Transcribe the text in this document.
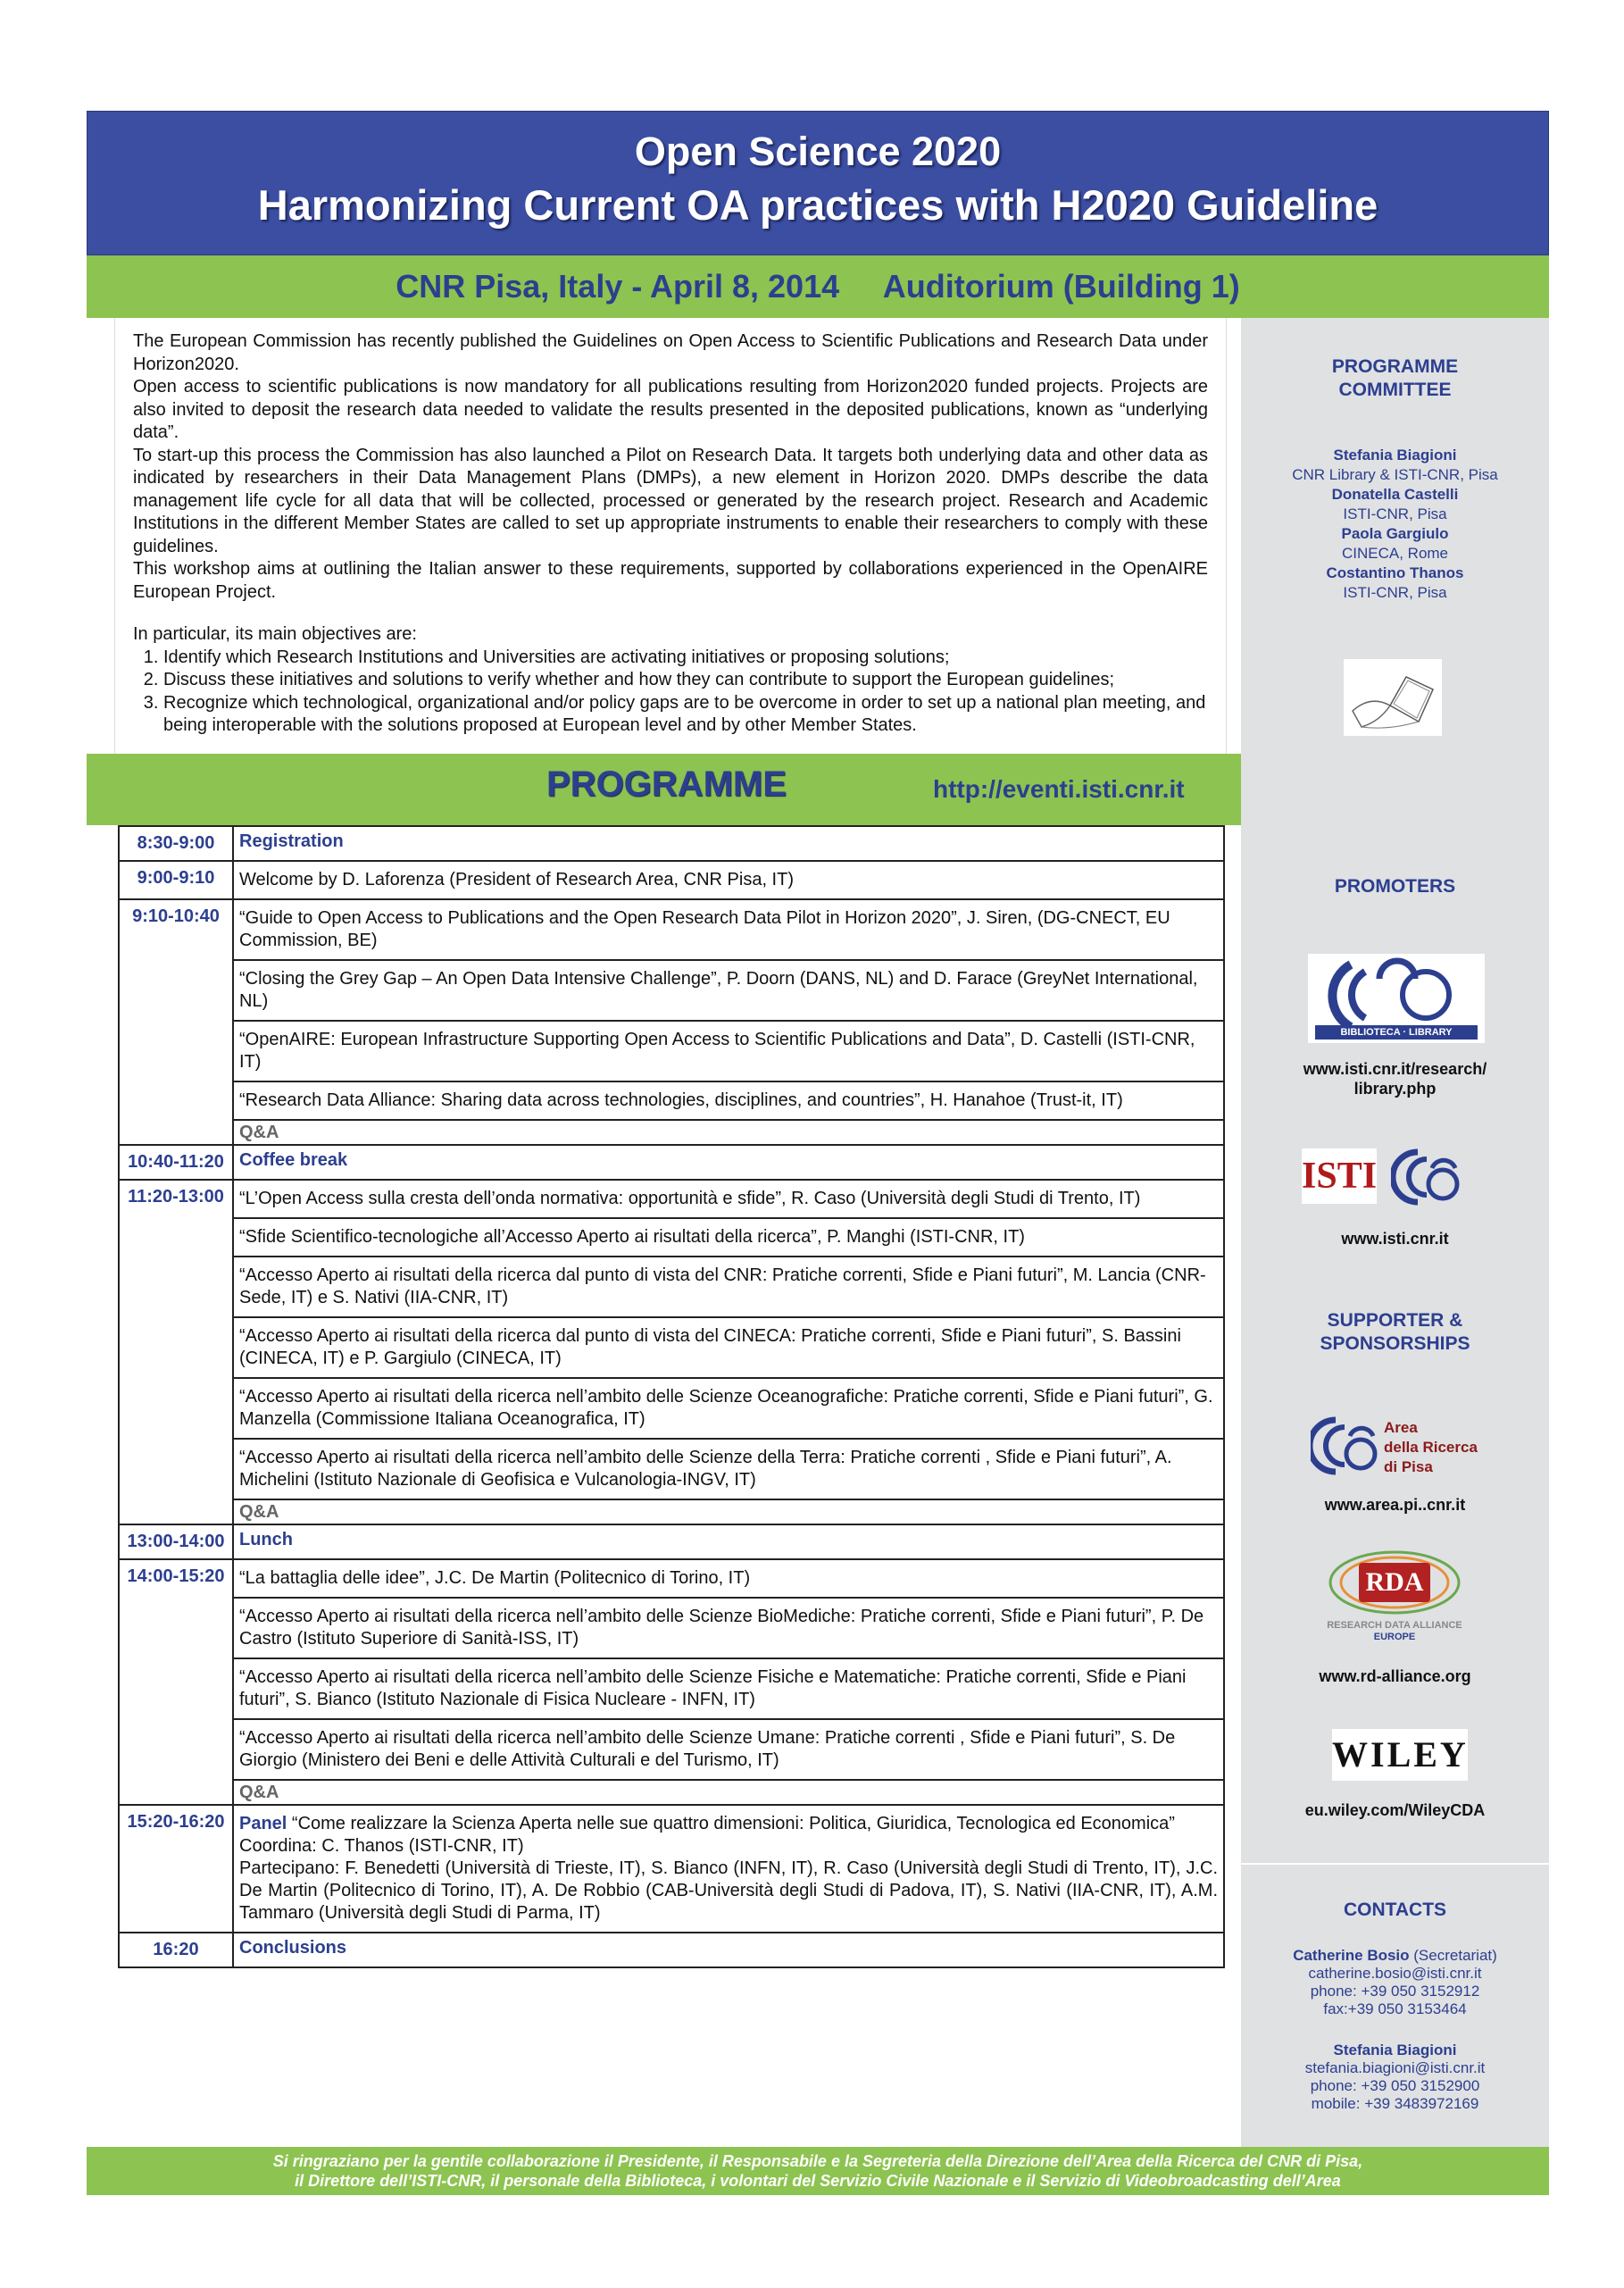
Open Science 2020
Harmonizing Current OA practices with H2020 Guideline
CNR Pisa, Italy - April 8, 2014     Auditorium (Building 1)

The European Commission has recently published the Guidelines on Open Access to Scientific Publications and Research Data under Horizon2020.

Open access to scientific publications is now mandatory for all publications resulting from Horizon2020 funded projects. Projects are also invited to deposit the research data needed to validate the results presented in the deposited publications, known as “underlying data”.

To start-up this process the Commission has also launched a Pilot on Research Data. It targets both underlying data and other data as indicated by researchers in their Data Management Plans (DMPs), a new element in Horizon 2020. DMPs describe the data management life cycle for all data that will be collected, processed or generated by the research project. Research and Academic Institutions in the different Member States are called to set up appropriate instruments to enable their researchers to comply with these guidelines.

This workshop aims at outlining the Italian answer to these requirements, supported by collaborations experienced in the OpenAIRE European Project.

In particular, its main objectives are:

1. Identify which Research Institutions and Universities are activating initiatives or proposing solutions;
2. Discuss these initiatives and solutions to verify whether and how they can contribute to support the European guidelines;
3. Recognize which technological, organizational and/or policy gaps are to be overcome in order to set up a national plan meeting, and being interoperable with the solutions proposed at European level and by other Member States.
PROGRAMME
COMMITTEE
Stefania Biagioni
CNR Library & ISTI-CNR, Pisa
Donatella Castelli
ISTI-CNR, Pisa
Paola Gargiulo
CINECA, Rome
Costantino Thanos
ISTI-CNR, Pisa
PROMOTERS
BIBLIOTECA · LIBRARY
www.isti.cnr.it/research/
library.php
ISTI
www.isti.cnr.it
SUPPORTER &
SPONSORSHIPS
Area
della Ricerca
di Pisa
www.area.pi..cnr.it
RDA
RESEARCH DATA ALLIANCE
EUROPE
www.rd-alliance.org
WILEY
eu.wiley.com/WileyCDA
CONTACTS
Catherine Bosio (Secretariat)
catherine.bosio@isti.cnr.it
phone: +39 050 3152912
fax:+39 050 3153464
Stefania Biagioni
stefania.biagioni@isti.cnr.it
phone: +39 050 3152900
mobile: +39 3483972169
PROGRAMME	http://eventi.isti.cnr.it
8:30-9:00	Registration
9:00-9:10	Welcome by D. Laforenza (President of Research Area, CNR Pisa, IT)
9:10-10:40	“Guide to Open Access to Publications and the Open Research Data Pilot in Horizon 2020”, J. Siren, (DG-CNECT, EU Commission, BE)
	“Closing the Grey Gap – An Open Data Intensive Challenge”, P. Doorn (DANS, NL) and D. Farace (GreyNet International, NL)
	“OpenAIRE: European Infrastructure Supporting Open Access to Scientific Publications and Data”, D. Castelli (ISTI-CNR, IT)
	“Research Data Alliance: Sharing data across technologies, disciplines, and countries”, H. Hanahoe (Trust-it, IT)
	Q&A
10:40-11:20	Coffee break
11:20-13:00	“L’Open Access sulla cresta dell’onda normativa: opportunità e sfide”, R. Caso (Università degli Studi di Trento, IT)
	“Sfide Scientifico-tecnologiche all’Accesso Aperto ai risultati della ricerca”, P. Manghi (ISTI-CNR, IT)
	“Accesso Aperto ai risultati della ricerca dal punto di vista del CNR: Pratiche correnti, Sfide e Piani futuri”, M. Lancia (CNR-Sede, IT) e S. Nativi (IIA-CNR, IT)
	“Accesso Aperto ai risultati della ricerca dal punto di vista del CINECA: Pratiche correnti, Sfide e Piani futuri”, S. Bassini (CINECA, IT) e P. Gargiulo (CINECA, IT)
	“Accesso Aperto ai risultati della ricerca nell’ambito delle Scienze Oceanografiche: Pratiche correnti, Sfide e Piani futuri”, G. Manzella (Commissione Italiana Oceanografica, IT)
	“Accesso Aperto ai risultati della ricerca nell’ambito delle Scienze della Terra: Pratiche correnti , Sfide e Piani futuri”, A. Michelini (Istituto Nazionale di Geofisica e Vulcanologia-INGV, IT)
	Q&A
13:00-14:00	Lunch
14:00-15:20	“La battaglia delle idee”, J.C. De Martin (Politecnico di Torino, IT)
	“Accesso Aperto ai risultati della ricerca nell’ambito delle Scienze BioMediche: Pratiche correnti, Sfide e Piani futuri”, P. De Castro (Istituto Superiore di Sanità-ISS, IT)
	“Accesso Aperto ai risultati della ricerca nell’ambito delle Scienze Fisiche e Matematiche: Pratiche correnti, Sfide e Piani futuri”, S. Bianco (Istituto Nazionale di Fisica Nucleare - INFN, IT)
	“Accesso Aperto ai risultati della ricerca nell’ambito delle Scienze Umane: Pratiche correnti , Sfide e Piani futuri”, S. De Giorgio (Ministero dei Beni e delle Attività Culturali e del Turismo, IT)
	Q&A
15:20-16:20	Panel “Come realizzare la Scienza Aperta nelle sue quattro dimensioni: Politica, Giuridica, Tecnologica ed Economica”
Coordina: C. Thanos (ISTI-CNR, IT)
Partecipano: F. Benedetti (Università di Trieste, IT), S. Bianco (INFN, IT), R. Caso (Università degli Studi di Trento, IT), J.C. De Martin (Politecnico di Torino, IT), A. De Robbio (CAB-Università degli Studi di Padova, IT), S. Nativi (IIA-CNR, IT), A.M. Tammaro (Università degli Studi di Parma, IT)

16:20	Conclusions
Si ringraziano per la gentile collaborazione il Presidente, il Responsabile e la Segreteria della Direzione dell’Area della Ricerca del CNR di Pisa,
il Direttore dell’ISTI-CNR, il personale della Biblioteca, i volontari del Servizio Civile Nazionale e il Servizio di Videobroadcasting dell’Area
